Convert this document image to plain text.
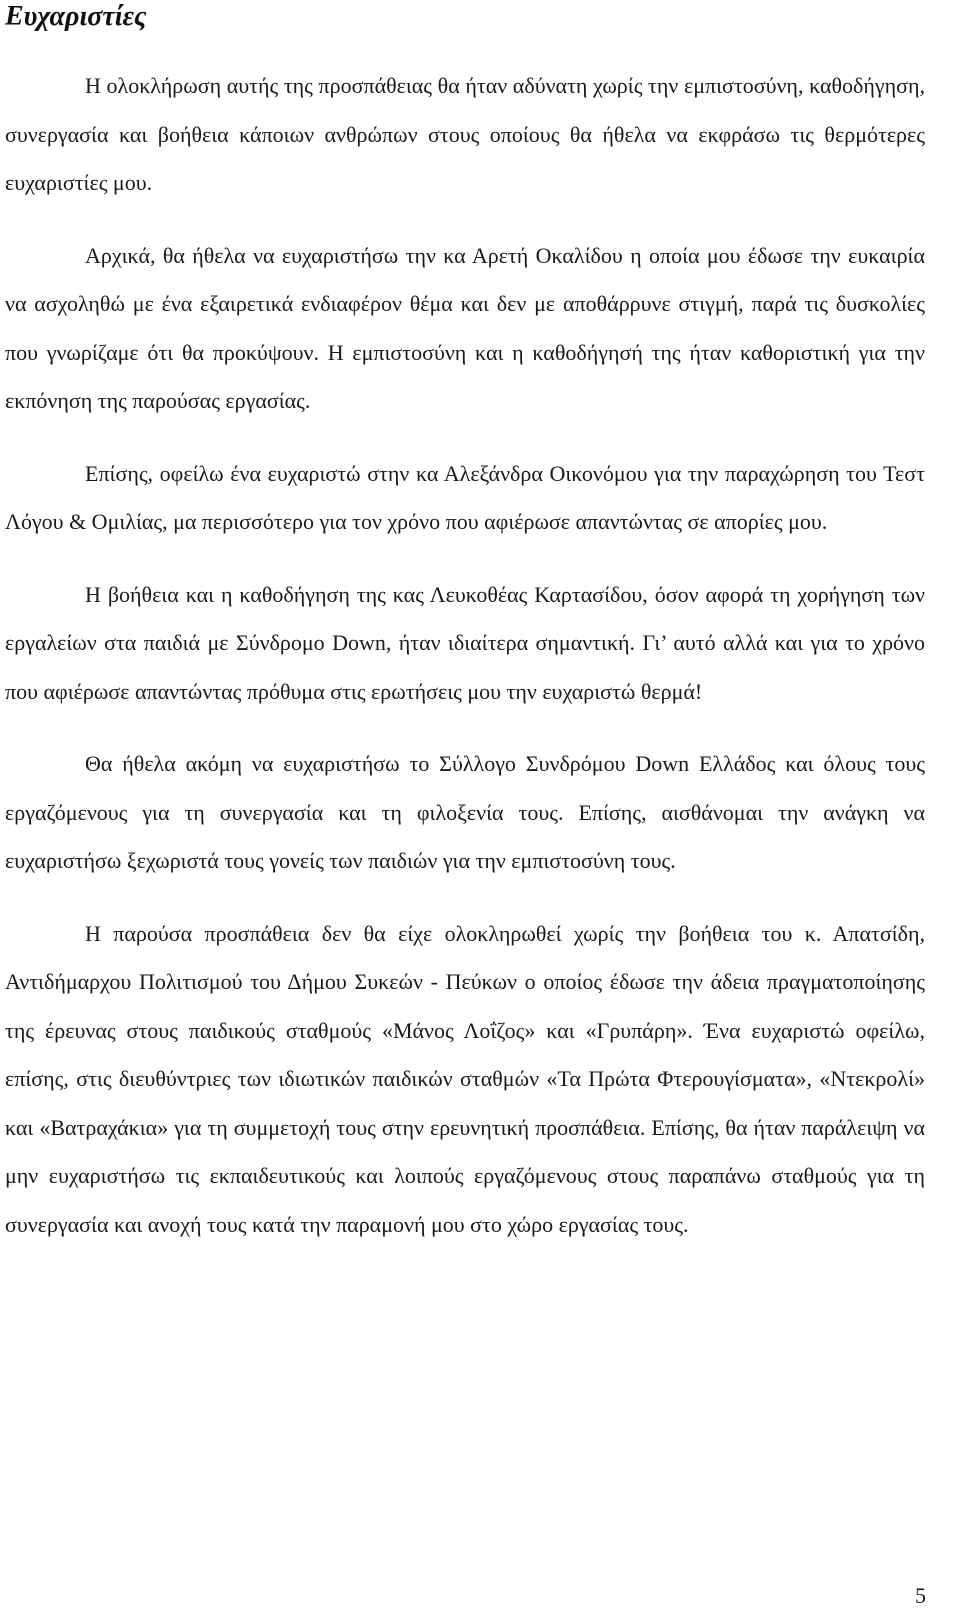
Ευχαριστίες

Η ολοκλήρωση αυτής της προσπάθειας θα ήταν αδύνατη χωρίς την εμπιστοσύνη, καθοδήγηση, συνεργασία και βοήθεια κάποιων ανθρώπων στους οποίους θα ήθελα να εκφράσω τις θερμότερες ευχαριστίες μου.

Αρχικά, θα ήθελα να ευχαριστήσω την κα Αρετή Οκαλίδου η οποία μου έδωσε την ευκαιρία να ασχοληθώ με ένα εξαιρετικά ενδιαφέρον θέμα και δεν με αποθάρρυνε στιγμή, παρά τις δυσκολίες που γνωρίζαμε ότι θα προκύψουν. Η εμπιστοσύνη και η καθοδήγησή της ήταν καθοριστική για την εκπόνηση της παρούσας εργασίας.

Επίσης, οφείλω ένα ευχαριστώ στην κα Αλεξάνδρα Οικονόμου για την παραχώρηση του Τεστ Λόγου & Ομιλίας, μα περισσότερο για τον χρόνο που αφιέρωσε απαντώντας σε απορίες μου.

Η βοήθεια και η καθοδήγηση της κας Λευκοθέας Καρτασίδου, όσον αφορά τη χορήγηση των εργαλείων στα παιδιά με Σύνδρομο Down, ήταν ιδιαίτερα σημαντική. Γι’ αυτό αλλά και για το χρόνο που αφιέρωσε απαντώντας πρόθυμα στις ερωτήσεις μου την ευχαριστώ θερμά!

Θα ήθελα ακόμη να ευχαριστήσω το Σύλλογο Συνδρόμου Down Ελλάδος και όλους τους εργαζόμενους για τη συνεργασία και τη φιλοξενία τους. Επίσης, αισθάνομαι την ανάγκη να ευχαριστήσω ξεχωριστά τους γονείς των παιδιών για την εμπιστοσύνη τους.

Η παρούσα προσπάθεια δεν θα είχε ολοκληρωθεί χωρίς την βοήθεια του κ. Απατσίδη, Αντιδήμαρχου Πολιτισμού του Δήμου Συκεών - Πεύκων ο οποίος έδωσε την άδεια πραγματοποίησης της έρευνας στους παιδικούς σταθμούς «Μάνος Λοΐζος» και «Γρυπάρη». Ένα ευχαριστώ οφείλω, επίσης, στις διευθύντριες των ιδιωτικών παιδικών σταθμών «Τα Πρώτα Φτερουγίσματα», «Ντεκρολί» και «Βατραχάκια» για τη συμμετοχή τους στην ερευνητική προσπάθεια. Επίσης, θα ήταν παράλειψη να μην ευχαριστήσω τις εκπαιδευτικούς και λοιπούς εργαζόμενους στους παραπάνω σταθμούς για τη συνεργασία και ανοχή τους κατά την παραμονή μου στο χώρο εργασίας τους.

5
